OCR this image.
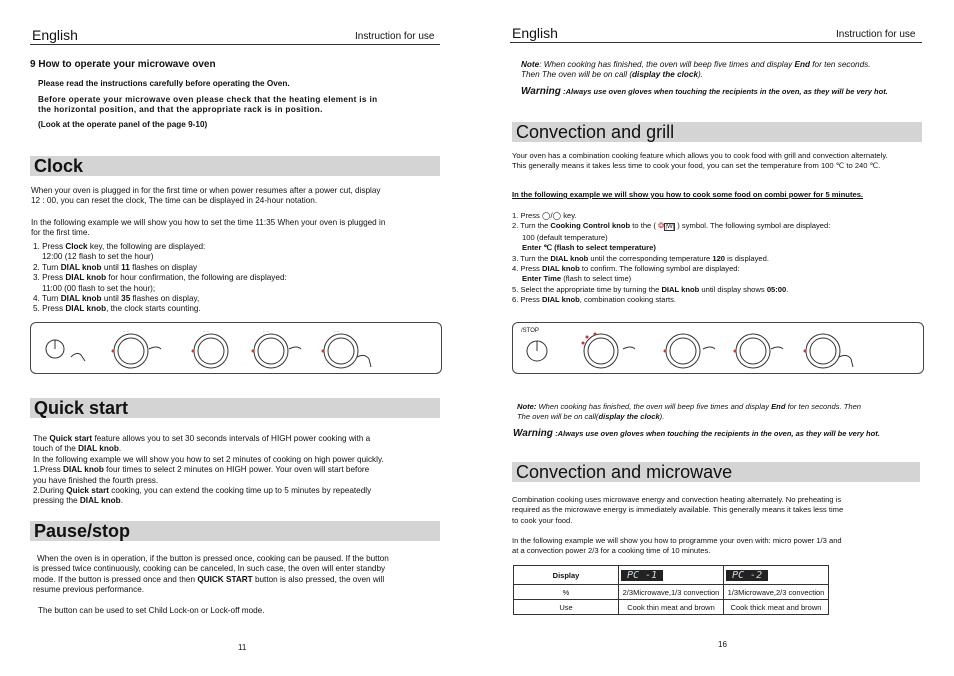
English	Instruction for use
9 How to operate your microwave oven
Please read the instructions carefully before operating the Oven.
Before operate your microwave oven please check that the heating element is in
the horizontal position, and that the appropriate rack is in position.
(Look at the operate panel of the page 9-10)
Clock
When your oven is plugged in for the first time or when power resumes after a power cut, display
12 : 00, you can reset the clock, The time can be displayed in 24-hour notation.
In the following example we will show you how to set the time 11:35 When your oven is plugged in
for the first time.
1. Press Clock key, the following are displayed:
12:00 (12 flash to set the hour)
2. Turn DIAL knob until 11 flashes on display
3. Press DIAL knob for hour confirmation, the following are displayed:
11:00 (00 flash to set the hour);
4. Turn DIAL knob until 35 flashes on display,
5. Press DIAL knob, the clock starts counting.
·· ··	·· ··	·· ··	·· ··
Quick start
The Quick start feature allows you to set 30 seconds intervals of HIGH power cooking with a
touch of the DIAL knob.
In the following example we will show you how to set 2 minutes of cooking on high power quickly.
1.Press DIAL knob four times to select 2 minutes on HIGH power. Your oven will start before
you have finished the fourth press.
2.During Quick start cooking, you can extend the cooking time up to 5 minutes by repeatedly
pressing the DIAL knob.
Pause/stop
When the oven is in operation, if the button is pressed once, cooking can be paused. If the button
is pressed twice continuously, cooking can be canceled, In such case, the oven will enter standby
mode. If the button is pressed once and then QUICK START button is also pressed, the oven will
resume previous performance.
The button can be used to set Child Lock-on or Lock-off mode.
11
English	Instruction for use
Note: When cooking has finished, the oven will beep five times and display End for ten seconds.
Then The oven will be on call (display the clock).
Warning :Always use oven gloves when touching the recipients in the oven, as they will be very hot.
Convection and grill
Your oven has a combination cooking feature which allows you to cook food with grill and convection alternately.
This generally means it takes less time to cook your food, you can set the temperature from 100 ℃ to 240 ℃.
In the following example we will show you how to cook some food on combi power for 5 minutes.
1. Press ◯/◯ key.
2. Turn the Cooking Control knob to the ( ❂|W| ) symbol. The following symbol are displayed:
100 (default temperature)
Enter ℃ (flash to select temperature)
3. Turn the DIAL knob until the corresponding temperature 120 is displayed.
4. Press DIAL knob to confirm. The following symbol are displayed:
Enter Time (flash to select time)
5. Select the appropriate time by turning the DIAL knob until display shows 05:00.
6. Press DIAL knob, combination cooking starts.
/STOP
Note: When cooking has finished, the oven will beep five times and display End for ten seconds. Then
The oven will be on call(display the clock).
Warning :Always use oven gloves when touching the recipients in the oven, as they will be very hot.
Convection and microwave
Combination cooking uses microwave energy and convection heating alternately. No preheating is
required as the microwave energy is immediately available. This generally means it takes less time
to cook your food.
In the following example we will show you how to programme your oven with: micro power 1/3 and
at a convection power 2/3 for a cooking time of 10 minutes.
Display	PC -1	PC -2
%	2/3Microwave,1/3 convection	1/3Microwave,2/3 convection
Use	Cook thin meat and brown	Cook thick meat and brown
16
